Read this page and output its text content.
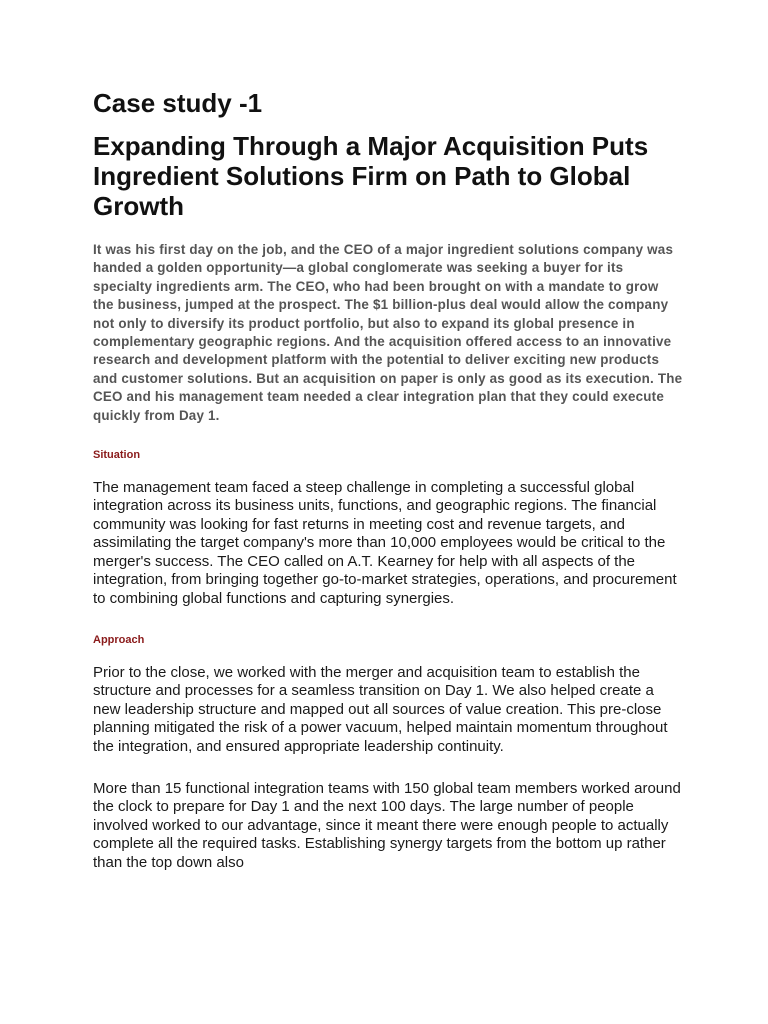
Case study -1
Expanding Through a Major Acquisition Puts Ingredient Solutions Firm on Path to Global Growth

It was his first day on the job, and the CEO of a major ingredient solutions company was handed a golden opportunity—a global conglomerate was seeking a buyer for its specialty ingredients arm. The CEO, who had been brought on with a mandate to grow the business, jumped at the prospect. The $1 billion-plus deal would allow the company not only to diversify its product portfolio, but also to expand its global presence in complementary geographic regions. And the acquisition offered access to an innovative research and development platform with the potential to deliver exciting new products and customer solutions. But an acquisition on paper is only as good as its execution. The CEO and his management team needed a clear integration plan that they could execute quickly from Day 1.

Situation

The management team faced a steep challenge in completing a successful global integration across its business units, functions, and geographic regions. The financial community was looking for fast returns in meeting cost and revenue targets, and assimilating the target company's more than 10,000 employees would be critical to the merger's success. The CEO called on A.T. Kearney for help with all aspects of the integration, from bringing together go-to-market strategies, operations, and procurement to combining global functions and capturing synergies.

Approach

Prior to the close, we worked with the merger and acquisition team to establish the structure and processes for a seamless transition on Day 1. We also helped create a new leadership structure and mapped out all sources of value creation. This pre-close planning mitigated the risk of a power vacuum, helped maintain momentum throughout the integration, and ensured appropriate leadership continuity.

More than 15 functional integration teams with 150 global team members worked around the clock to prepare for Day 1 and the next 100 days. The large number of people involved worked to our advantage, since it meant there were enough people to actually complete all the required tasks. Establishing synergy targets from the bottom up rather than the top down also
